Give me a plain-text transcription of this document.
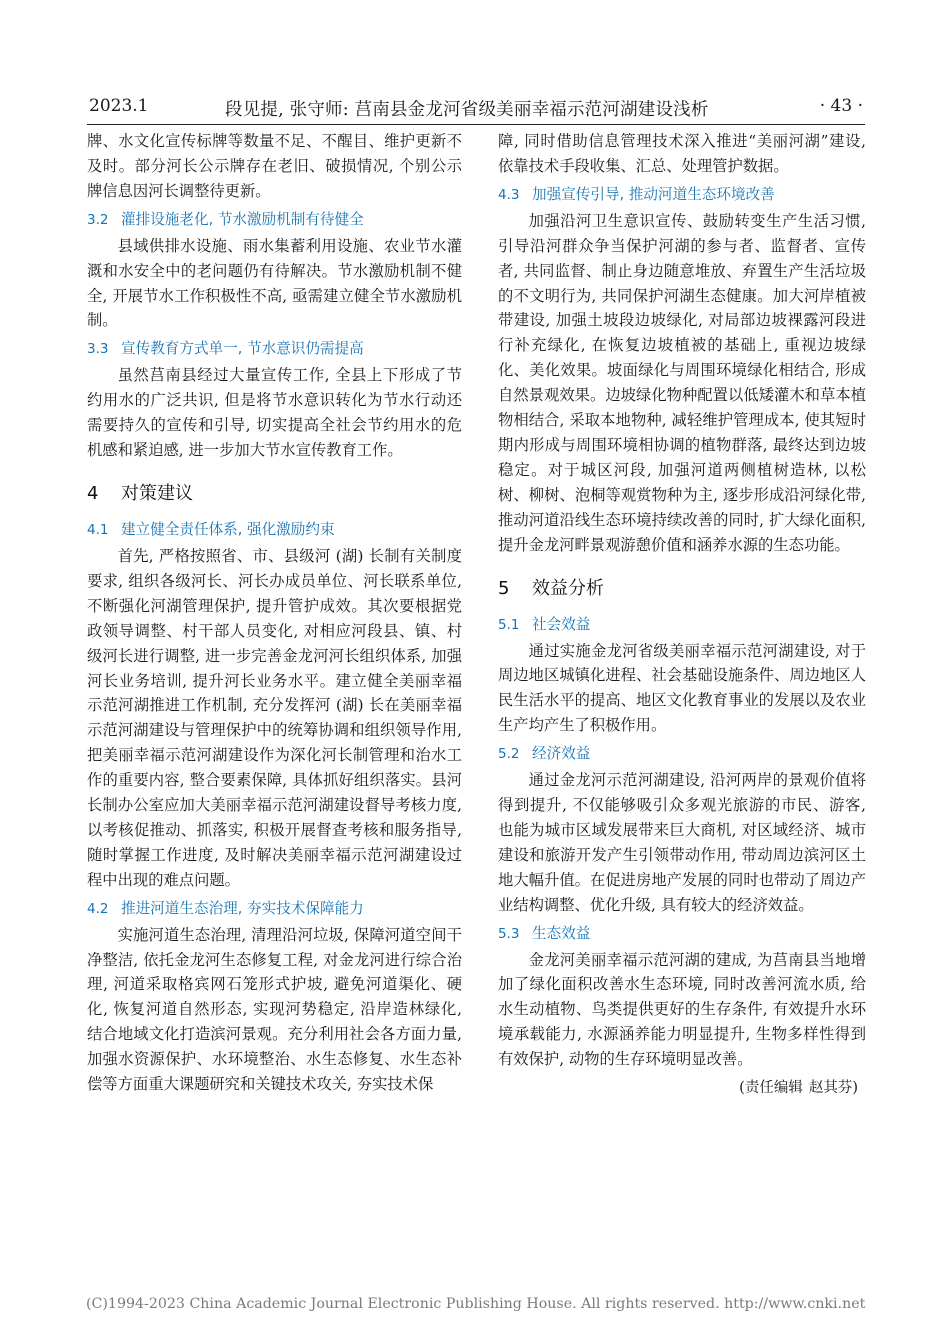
2023.1	段见提, 张守师: 莒南县金龙河省级美丽幸福示范河湖建设浅析	· 43 ·

牌、水文化宣传标牌等数量不足、不醒目、维护更新不及时。部分河长公示牌存在老旧、破损情况, 个别公示牌信息因河长调整待更新。

3.2 灌排设施老化, 节水激励机制有待健全

县域供排水设施、雨水集蓄利用设施、农业节水灌溉和水安全中的老问题仍有待解决。节水激励机制不健全, 开展节水工作积极性不高, 亟需建立健全节水激励机制。

3.3 宣传教育方式单一, 节水意识仍需提高

虽然莒南县经过大量宣传工作, 全县上下形成了节约用水的广泛共识, 但是将节水意识转化为节水行动还需要持久的宣传和引导, 切实提高全社会节约用水的危机感和紧迫感, 进一步加大节水宣传教育工作。

4 对策建议
4.1 建立健全责任体系, 强化激励约束

首先, 严格按照省、市、县级河 (湖) 长制有关制度要求, 组织各级河长、河长办成员单位、河长联系单位, 不断强化河湖管理保护, 提升管护成效。其次要根据党政领导调整、村干部人员变化, 对相应河段县、镇、村级河长进行调整, 进一步完善金龙河河长组织体系, 加强河长业务培训, 提升河长业务水平。建立健全美丽幸福示范河湖推进工作机制, 充分发挥河 (湖) 长在美丽幸福示范河湖建设与管理保护中的统筹协调和组织领导作用, 把美丽幸福示范河湖建设作为深化河长制管理和治水工作的重要内容, 整合要素保障, 具体抓好组织落实。县河长制办公室应加大美丽幸福示范河湖建设督导考核力度, 以考核促推动、抓落实, 积极开展督查考核和服务指导, 随时掌握工作进度, 及时解决美丽幸福示范河湖建设过程中出现的难点问题。

4.2 推进河道生态治理, 夯实技术保障能力

实施河道生态治理, 清理沿河垃圾, 保障河道空间干净整洁, 依托金龙河生态修复工程, 对金龙河进行综合治理, 河道采取格宾网石笼形式护坡, 避免河道渠化、硬化, 恢复河道自然形态, 实现河势稳定, 沿岸造林绿化, 结合地域文化打造滨河景观。充分利用社会各方面力量, 加强水资源保护、水环境整治、水生态修复、水生态补偿等方面重大课题研究和关键技术攻关, 夯实技术保

障, 同时借助信息管理技术深入推进“美丽河湖”建设, 依靠技术手段收集、汇总、处理管护数据。

4.3 加强宣传引导, 推动河道生态环境改善

加强沿河卫生意识宣传、鼓励转变生产生活习惯, 引导沿河群众争当保护河湖的参与者、监督者、宣传者, 共同监督、制止身边随意堆放、弃置生产生活垃圾的不文明行为, 共同保护河湖生态健康。加大河岸植被带建设, 加强土坡段边坡绿化, 对局部边坡裸露河段进行补充绿化, 在恢复边坡植被的基础上, 重视边坡绿化、美化效果。坡面绿化与周围环境绿化相结合, 形成自然景观效果。边坡绿化物种配置以低矮灌木和草本植物相结合, 采取本地物种, 减轻维护管理成本, 使其短时期内形成与周围环境相协调的植物群落, 最终达到边坡稳定。对于城区河段, 加强河道两侧植树造林, 以松树、柳树、泡桐等观赏物种为主, 逐步形成沿河绿化带, 推动河道沿线生态环境持续改善的同时, 扩大绿化面积, 提升金龙河畔景观游憩价值和涵养水源的生态功能。

5 效益分析
5.1 社会效益

通过实施金龙河省级美丽幸福示范河湖建设, 对于周边地区城镇化进程、社会基础设施条件、周边地区人民生活水平的提高、地区文化教育事业的发展以及农业生产均产生了积极作用。

5.2 经济效益

通过金龙河示范河湖建设, 沿河两岸的景观价值将得到提升, 不仅能够吸引众多观光旅游的市民、游客, 也能为城市区域发展带来巨大商机, 对区域经济、城市建设和旅游开发产生引领带动作用, 带动周边滨河区土地大幅升值。在促进房地产发展的同时也带动了周边产业结构调整、优化升级, 具有较大的经济效益。

5.3 生态效益

金龙河美丽幸福示范河湖的建成, 为莒南县当地增加了绿化面积改善水生态环境, 同时改善河流水质, 给水生动植物、鸟类提供更好的生存条件, 有效提升水环境承载能力, 水源涵养能力明显提升, 生物多样性得到有效保护, 动物的生存环境明显改善。

(责任编辑 赵其芬)
(C)1994-2023 China Academic Journal Electronic Publishing House. All rights reserved. http://www.cnki.net
